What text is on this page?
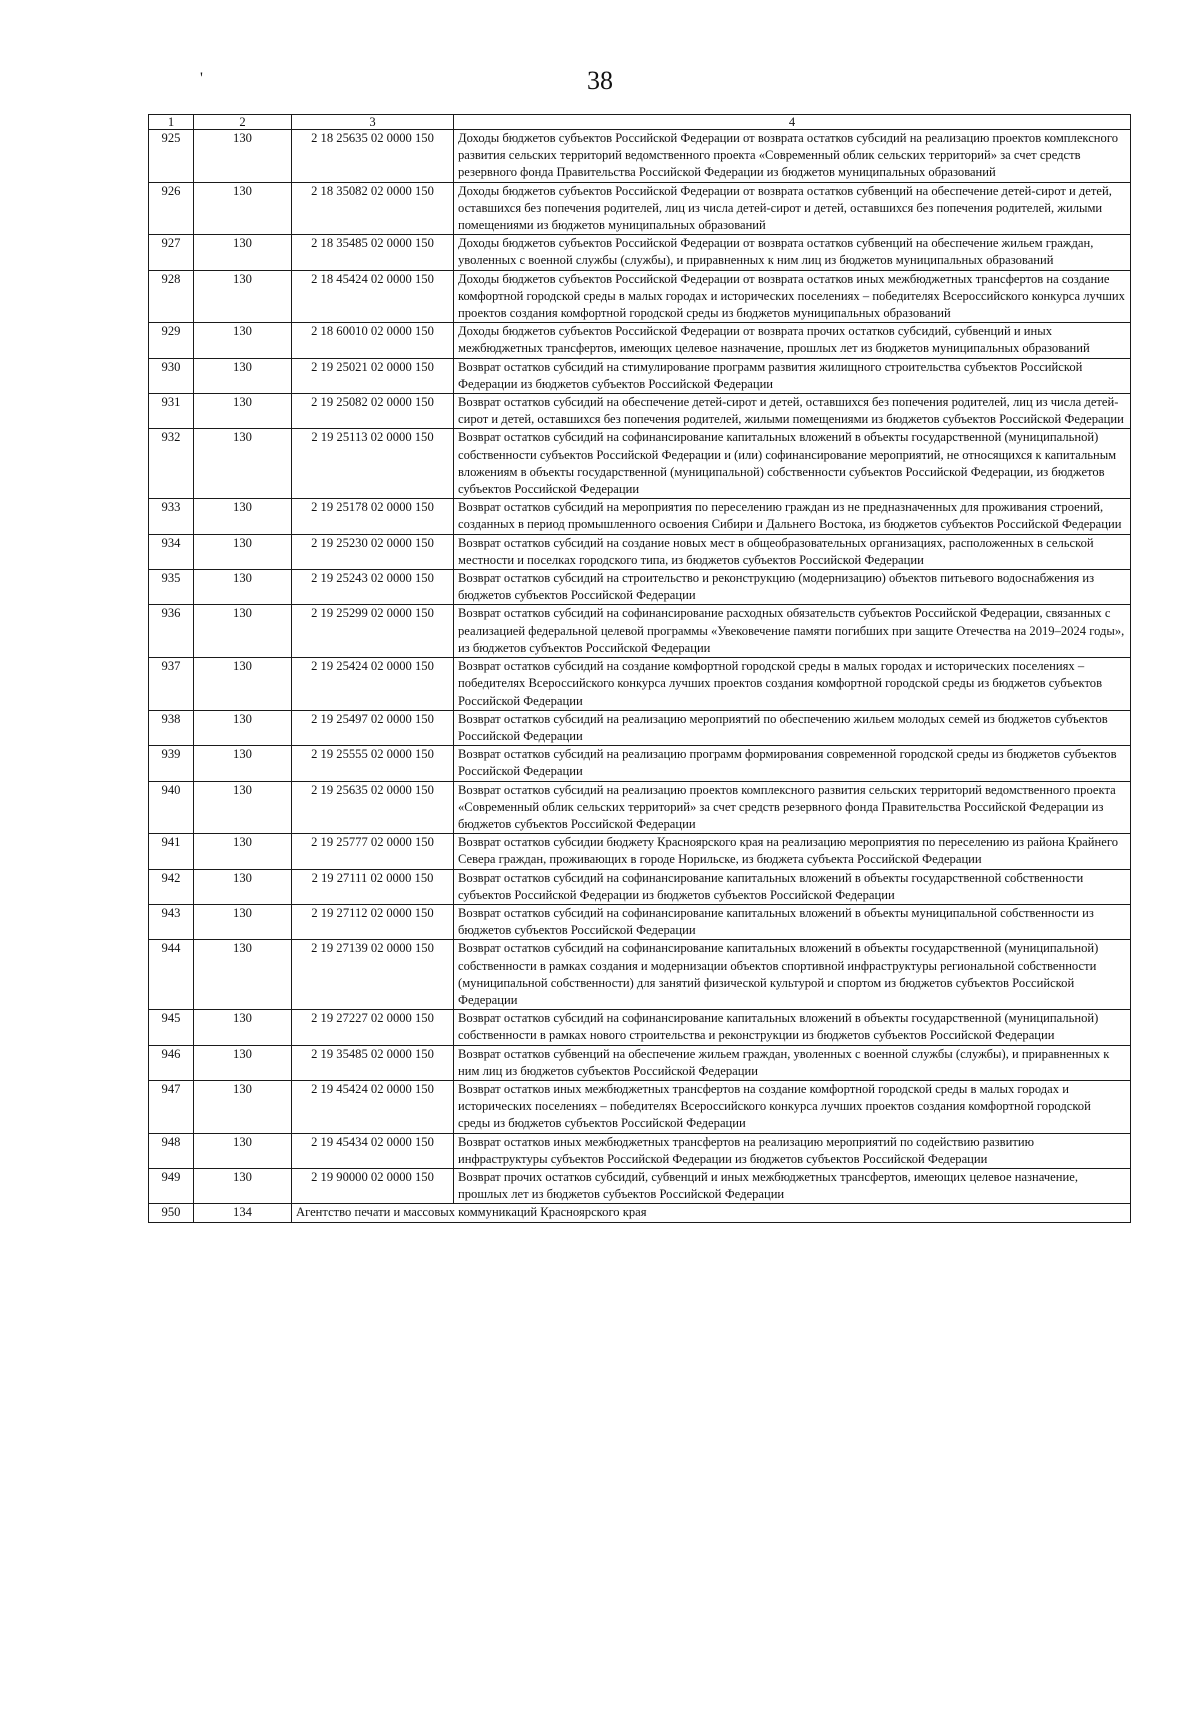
38
'
1	2	3	4
925	130	2 18 25635 02 0000 150	Доходы бюджетов субъектов Российской Федерации от возврата остатков субсидий на реализацию проектов комплексного развития сельских территорий ведомственного проекта «Современный облик сельских территорий» за счет средств резервного фонда Правительства Российской Федерации из бюджетов муниципальных образований
926	130	2 18 35082 02 0000 150	Доходы бюджетов субъектов Российской Федерации от возврата остатков субвенций на обеспечение детей-сирот и детей, оставшихся без попечения родителей, лиц из числа детей-сирот и детей, оставшихся без попечения родителей, жилыми помещениями из бюджетов муниципальных образований
927	130	2 18 35485 02 0000 150	Доходы бюджетов субъектов Российской Федерации от возврата остатков субвенций на обеспечение жильем граждан, уволенных с военной службы (службы), и приравненных к ним лиц из бюджетов муниципальных образований
928	130	2 18 45424 02 0000 150	Доходы бюджетов субъектов Российской Федерации от возврата остатков иных межбюджетных трансфертов на создание комфортной городской среды в малых городах и исторических поселениях – победителях Всероссийского конкурса лучших проектов создания комфортной городской среды из бюджетов муниципальных образований
929	130	2 18 60010 02 0000 150	Доходы бюджетов субъектов Российской Федерации от возврата прочих остатков субсидий, субвенций и иных межбюджетных трансфертов, имеющих целевое назначение, прошлых лет из бюджетов муниципальных образований
930	130	2 19 25021 02 0000 150	Возврат остатков субсидий на стимулирование программ развития жилищного строительства субъектов Российской Федерации из бюджетов субъектов Российской Федерации
931	130	2 19 25082 02 0000 150	Возврат остатков субсидий на обеспечение детей-сирот и детей, оставшихся без попечения родителей, лиц из числа детей-сирот и детей, оставшихся без попечения родителей, жилыми помещениями из бюджетов субъектов Российской Федерации
932	130	2 19 25113 02 0000 150	Возврат остатков субсидий на софинансирование капитальных вложений в объекты государственной (муниципальной) собственности субъектов Российской Федерации и (или) софинансирование мероприятий, не относящихся к капитальным вложениям в объекты государственной (муниципальной) собственности субъектов Российской Федерации, из бюджетов субъектов Российской Федерации
933	130	2 19 25178 02 0000 150	Возврат остатков субсидий на мероприятия по переселению граждан из не предназначенных для проживания строений, созданных в период промышленного освоения Сибири и Дальнего Востока, из бюджетов субъектов Российской Федерации
934	130	2 19 25230 02 0000 150	Возврат остатков субсидий на создание новых мест в общеобразовательных организациях, расположенных в сельской местности и поселках городского типа, из бюджетов субъектов Российской Федерации
935	130	2 19 25243 02 0000 150	Возврат остатков субсидий на строительство и реконструкцию (модернизацию) объектов питьевого водоснабжения из бюджетов субъектов Российской Федерации
936	130	2 19 25299 02 0000 150	Возврат остатков субсидий на софинансирование расходных обязательств субъектов Российской Федерации, связанных с реализацией федеральной целевой программы «Увековечение памяти погибших при защите Отечества на 2019–2024 годы», из бюджетов субъектов Российской Федерации
937	130	2 19 25424 02 0000 150	Возврат остатков субсидий на создание комфортной городской среды в малых городах и исторических поселениях – победителях Всероссийского конкурса лучших проектов создания комфортной городской среды из бюджетов субъектов Российской Федерации
938	130	2 19 25497 02 0000 150	Возврат остатков субсидий на реализацию мероприятий по обеспечению жильем молодых семей из бюджетов субъектов Российской Федерации
939	130	2 19 25555 02 0000 150	Возврат остатков субсидий на реализацию программ формирования современной городской среды из бюджетов субъектов Российской Федерации
940	130	2 19 25635 02 0000 150	Возврат остатков субсидий на реализацию проектов комплексного развития сельских территорий ведомственного проекта «Современный облик сельских территорий» за счет средств резервного фонда Правительства Российской Федерации из бюджетов субъектов Российской Федерации
941	130	2 19 25777 02 0000 150	Возврат остатков субсидии бюджету Красноярского края на реализацию мероприятия по переселению из района Крайнего Севера граждан, проживающих в городе Норильске, из бюджета субъекта Российской Федерации
942	130	2 19 27111 02 0000 150	Возврат остатков субсидий на софинансирование капитальных вложений в объекты государственной собственности субъектов Российской Федерации из бюджетов субъектов Российской Федерации
943	130	2 19 27112 02 0000 150	Возврат остатков субсидий на софинансирование капитальных вложений в объекты муниципальной собственности из бюджетов субъектов Российской Федерации
944	130	2 19 27139 02 0000 150	Возврат остатков субсидий на софинансирование капитальных вложений в объекты государственной (муниципальной) собственности в рамках создания и модернизации объектов спортивной инфраструктуры региональной собственности (муниципальной собственности) для занятий физической культурой и спортом из бюджетов субъектов Российской Федерации
945	130	2 19 27227 02 0000 150	Возврат остатков субсидий на софинансирование капитальных вложений в объекты государственной (муниципальной) собственности в рамках нового строительства и реконструкции из бюджетов субъектов Российской Федерации
946	130	2 19 35485 02 0000 150	Возврат остатков субвенций на обеспечение жильем граждан, уволенных с военной службы (службы), и приравненных к ним лиц из бюджетов субъектов Российской Федерации
947	130	2 19 45424 02 0000 150	Возврат остатков иных межбюджетных трансфертов на создание комфортной городской среды в малых городах и исторических поселениях – победителях Всероссийского конкурса лучших проектов создания комфортной городской среды из бюджетов субъектов Российской Федерации
948	130	2 19 45434 02 0000 150	Возврат остатков иных межбюджетных трансфертов на реализацию мероприятий по содействию развитию инфраструктуры субъектов Российской Федерации из бюджетов субъектов Российской Федерации
949	130	2 19 90000 02 0000 150	Возврат прочих остатков субсидий, субвенций и иных межбюджетных трансфертов, имеющих целевое назначение, прошлых лет из бюджетов субъектов Российской Федерации
950	134	Агентство печати и массовых коммуникаций Красноярского края	
